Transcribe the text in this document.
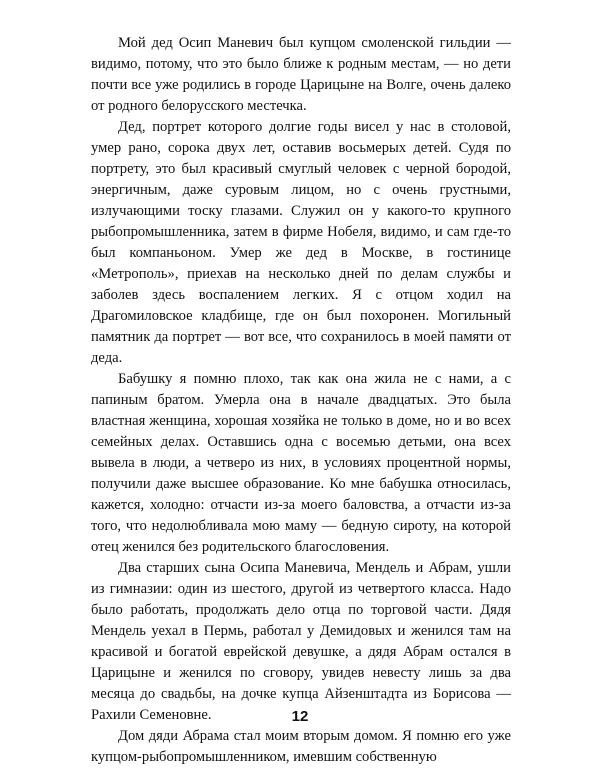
Мой дед Осип Маневич был купцом смоленской гильдии — видимо, потому, что это было ближе к родным местам, — но дети почти все уже родились в городе Царицыне на Волге, очень далеко от родного белорусского местечка.

Дед, портрет которого долгие годы висел у нас в столовой, умер рано, сорока двух лет, оставив восьмерых детей. Судя по портрету, это был красивый смуглый человек с черной бородой, энергичным, даже суровым лицом, но с очень грустными, излучающими тоску глазами. Служил он у какого-то крупного рыбопромышленника, затем в фирме Нобеля, видимо, и сам где-то был компаньоном. Умер же дед в Москве, в гостинице «Метрополь», приехав на несколько дней по делам службы и заболев здесь воспалением легких. Я с отцом ходил на Драгомиловское кладбище, где он был похоронен. Могильный памятник да портрет — вот все, что сохранилось в моей памяти от деда.

Бабушку я помню плохо, так как она жила не с нами, а с папиным братом. Умерла она в начале двадцатых. Это была властная женщина, хорошая хозяйка не только в доме, но и во всех семейных делах. Оставшись одна с восемью детьми, она всех вывела в люди, а четверо из них, в условиях процентной нормы, получили даже высшее образование. Ко мне бабушка относилась, кажется, холодно: отчасти из-за моего баловства, а отчасти из-за того, что недолюбливала мою маму — бедную сироту, на которой отец женился без родительского благословения.

Два старших сына Осипа Маневича, Мендель и Абрам, ушли из гимназии: один из шестого, другой из четвертого класса. Надо было работать, продолжать дело отца по торговой части. Дядя Мендель уехал в Пермь, работал у Демидовых и женился там на красивой и богатой еврейской девушке, а дядя Абрам остался в Царицыне и женился по сговору, увидев невесту лишь за два месяца до свадьбы, на дочке купца Айзенштадта из Борисова — Рахили Семеновне.

Дом дяди Абрама стал моим вторым домом. Я помню его уже купцом-рыбопромышленником, имевшим собственную

12
